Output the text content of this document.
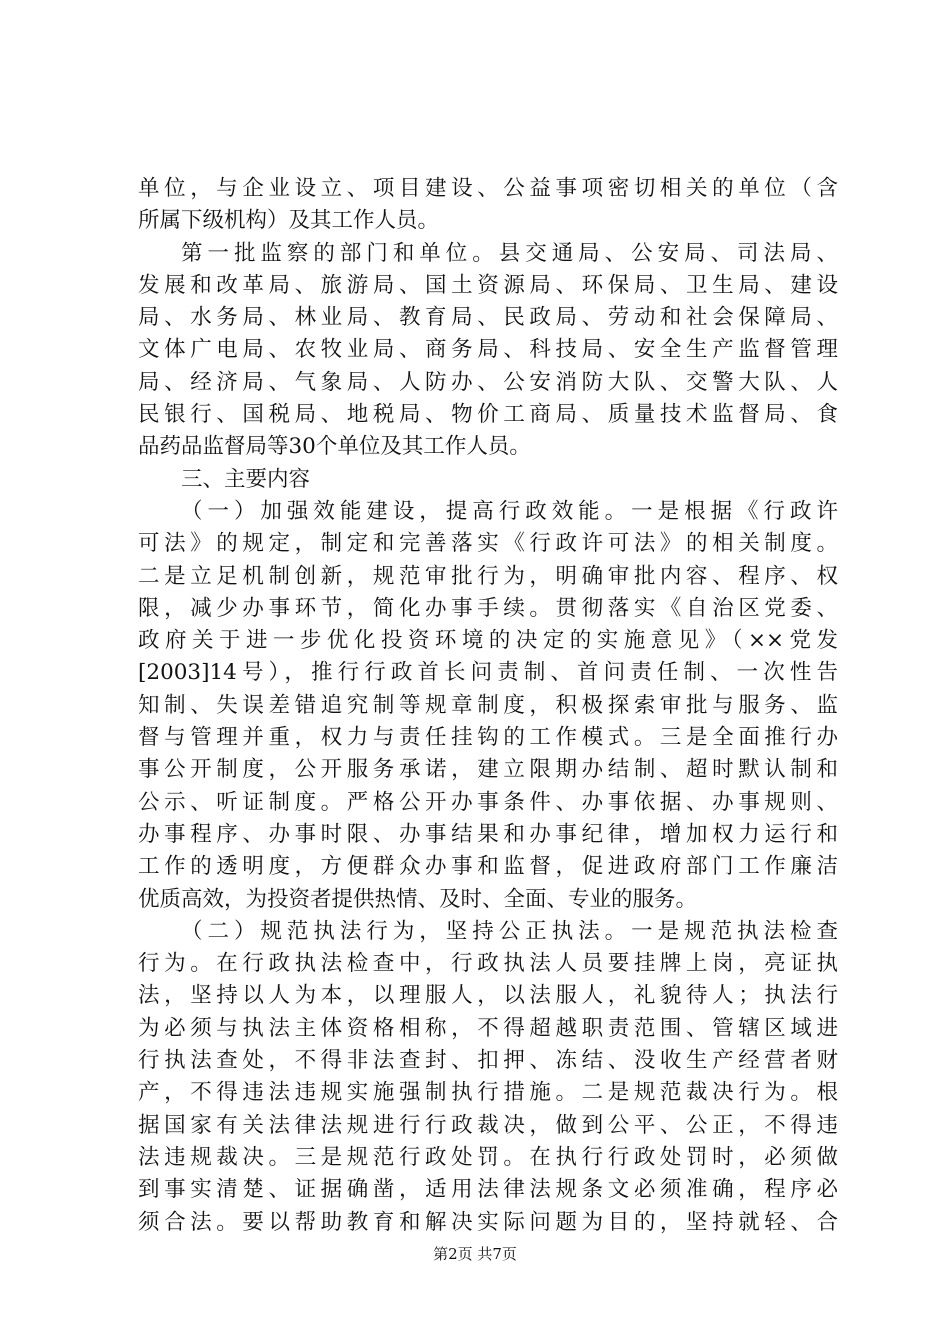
单位，与企业设立、项目建设、公益事项密切相关的单位（含
所属下级机构）及其工作人员。
第一批监察的部门和单位。县交通局、公安局、司法局、
发展和改革局、旅游局、国土资源局、环保局、卫生局、建设
局、水务局、林业局、教育局、民政局、劳动和社会保障局、
文体广电局、农牧业局、商务局、科技局、安全生产监督管理
局、经济局、气象局、人防办、公安消防大队、交警大队、人
民银行、国税局、地税局、物价工商局、质量技术监督局、食
品药品监督局等30个单位及其工作人员。
三、主要内容
（一）加强效能建设，提高行政效能。一是根据《行政许
可法》的规定，制定和完善落实《行政许可法》的相关制度。
二是立足机制创新，规范审批行为，明确审批内容、程序、权
限，减少办事环节，简化办事手续。贯彻落实《自治区党委、
政府关于进一步优化投资环境的决定的实施意见》（××党发
[2003]14号），推行行政首长问责制、首问责任制、一次性告
知制、失误差错追究制等规章制度，积极探索审批与服务、监
督与管理并重，权力与责任挂钩的工作模式。三是全面推行办
事公开制度，公开服务承诺，建立限期办结制、超时默认制和
公示、听证制度。严格公开办事条件、办事依据、办事规则、
办事程序、办事时限、办事结果和办事纪律，增加权力运行和
工作的透明度，方便群众办事和监督，促进政府部门工作廉洁
优质高效，为投资者提供热情、及时、全面、专业的服务。
（二）规范执法行为，坚持公正执法。一是规范执法检查
行为。在行政执法检查中，行政执法人员要挂牌上岗，亮证执
法，坚持以人为本，以理服人，以法服人，礼貌待人；执法行
为必须与执法主体资格相称，不得超越职责范围、管辖区域进
行执法查处，不得非法查封、扣押、冻结、没收生产经营者财
产，不得违法违规实施强制执行措施。二是规范裁决行为。根
据国家有关法律法规进行行政裁决，做到公平、公正，不得违
法违规裁决。三是规范行政处罚。在执行行政处罚时，必须做
到事实清楚、证据确凿，适用法律法规条文必须准确，程序必
须合法。要以帮助教育和解决实际问题为目的，坚持就轻、合
第2页 共7页
